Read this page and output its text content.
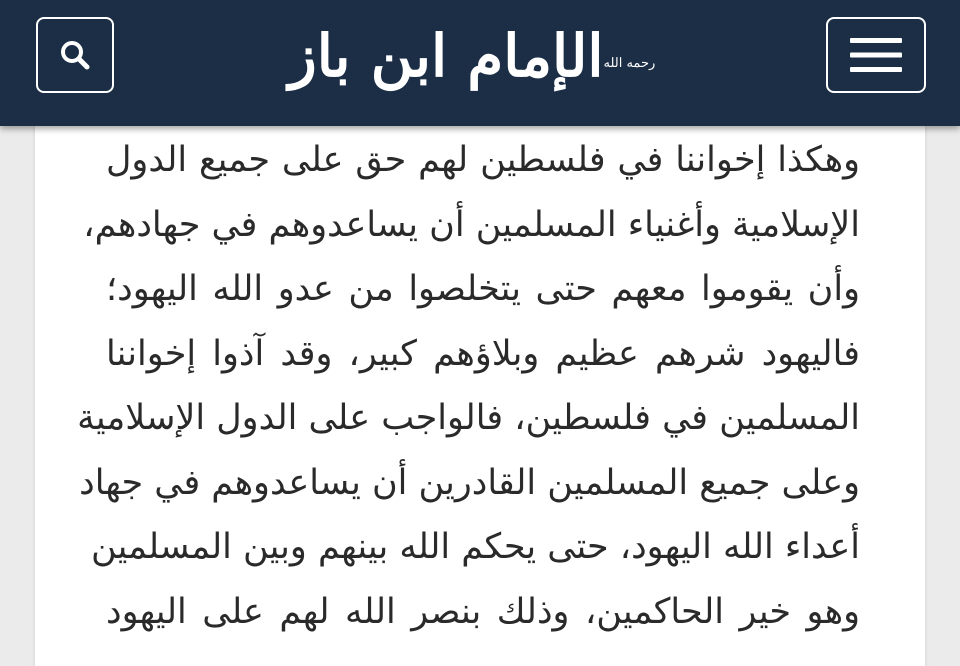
الإمام ابن باز رحمه الله
وهكذا إخواننا في فلسطين لهم حق على جميع الدول
الإسلامية وأغنياء المسلمين أن يساعدوهم في جهادهم،
وأن يقوموا معهم حتى يتخلصوا من عدو الله اليهود؛
فاليهود شرهم عظيم وبلاؤهم كبير، وقد آذوا إخواننا
المسلمين في فلسطين، فالواجب على الدول الإسلامية
وعلى جميع المسلمين القادرين أن يساعدوهم في جهاد
أعداء الله اليهود، حتى يحكم الله بينهم وبين المسلمين
وهو خير الحاكمين، وذلك بنصر الله لهم على اليهود
